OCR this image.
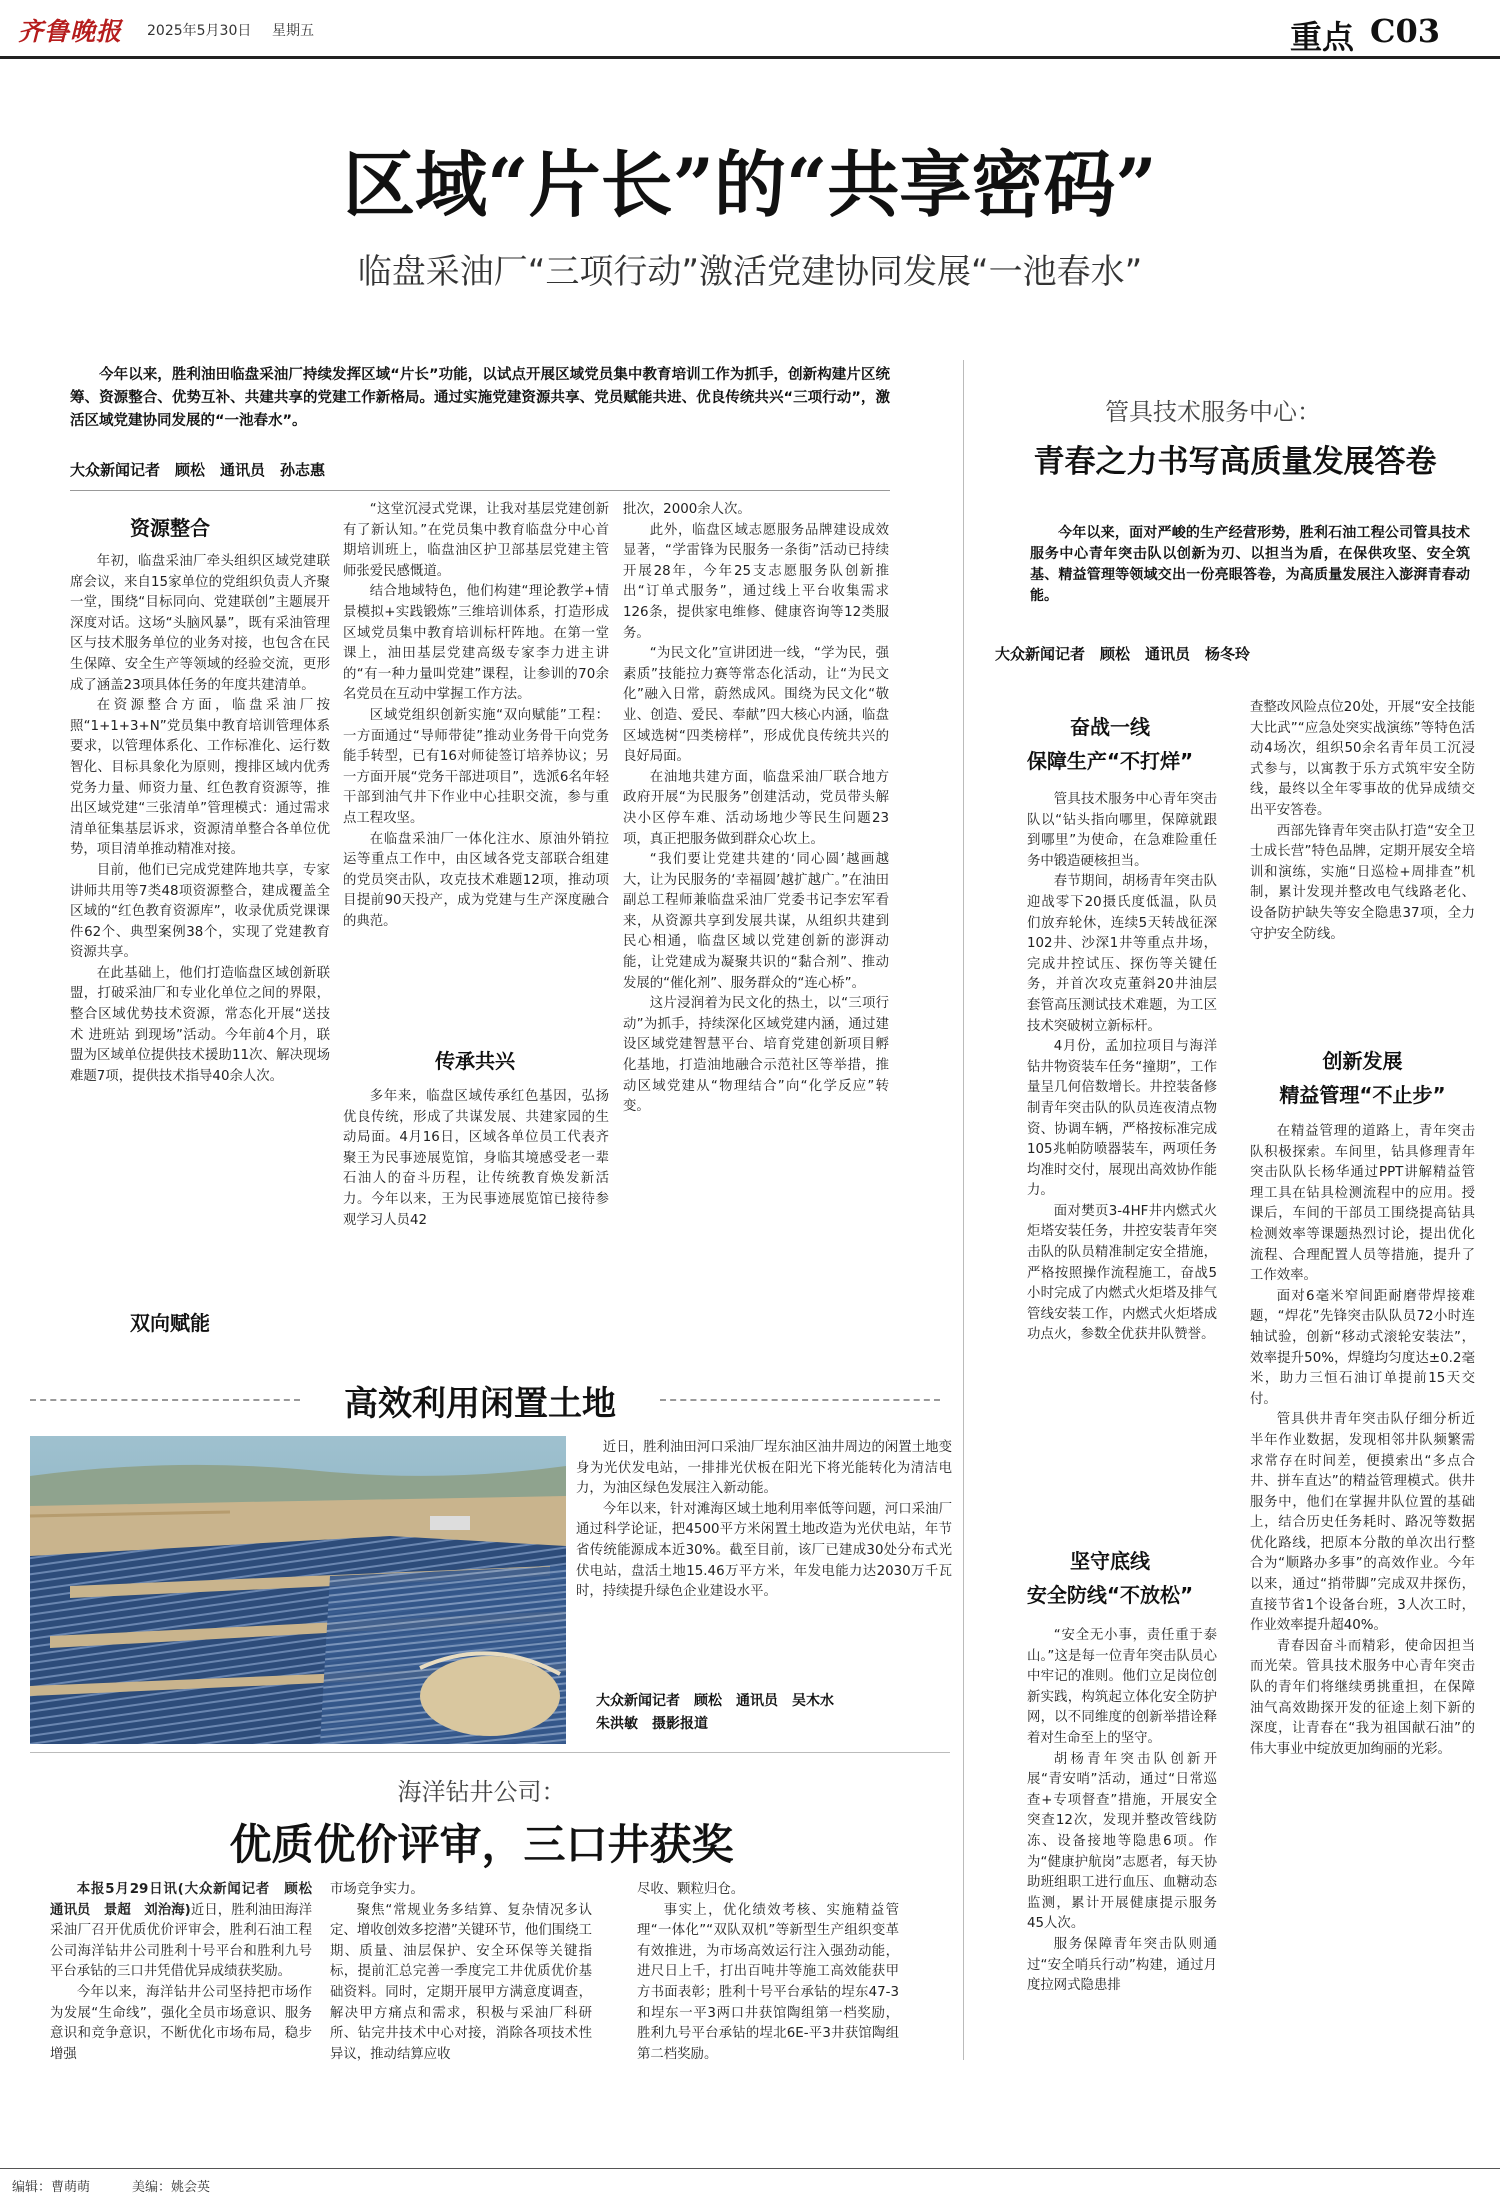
齐鲁晚报 2025年5月30日 星期五	重点 C03
区域“片长”的“共享密码”
临盘采油厂“三项行动”激活党建协同发展“一池春水”
今年以来，胜利油田临盘采油厂持续发挥区域“片长”功能，以试点开展区域党员集中教育培训工作为抓手，创新构建片区统筹、资源整合、优势互补、共建共享的党建工作新格局。通过实施党建资源共享、党员赋能共进、优良传统共兴“三项行动”，激活区域党建协同发展的“一池春水”。
大众新闻记者　顾松　通讯员　孙志惠
资源整合
双向赋能
传承共兴

年初，临盘采油厂牵头组织区域党建联席会议，来自15家单位的党组织负责人齐聚一堂，围绕“目标同向、党建联创”主题展开深度对话。这场“头脑风暴”，既有采油管理区与技术服务单位的业务对接，也包含在民生保障、安全生产等领域的经验交流，更形成了涵盖23项具体任务的年度共建清单。

在资源整合方面，临盘采油厂按照“1+1+3+N”党员集中教育培训管理体系要求，以管理体系化、工作标准化、运行数智化、目标具象化为原则，搜排区域内优秀党务力量、师资力量、红色教育资源等，推出区域党建“三张清单”管理模式：通过需求清单征集基层诉求，资源清单整合各单位优势，项目清单推动精准对接。

目前，他们已完成党建阵地共享，专家讲师共用等7类48项资源整合，建成覆盖全区域的“红色教育资源库”，收录优质党课课件62个、典型案例38个，实现了党建教育资源共享。

在此基础上，他们打造临盘区域创新联盟，打破采油厂和专业化单位之间的界限，整合区域优势技术资源，常态化开展“送技术 进班站 到现场”活动。今年前4个月，联盟为区域单位提供技术援助11次、解决现场难题7项，提供技术指导40余人次。

“这堂沉浸式党课，让我对基层党建创新有了新认知。”在党员集中教育临盘分中心首期培训班上，临盘油区护卫部基层党建主管师张爱民感慨道。

结合地域特色，他们构建“理论教学+情景模拟+实践锻炼”三维培训体系，打造形成区域党员集中教育培训标杆阵地。在第一堂课上，油田基层党建高级专家李力进主讲的“有一种力量叫党建”课程，让参训的70余名党员在互动中掌握工作方法。

区域党组织创新实施“双向赋能”工程：一方面通过“导师带徒”推动业务骨干向党务能手转型，已有16对师徒签订培养协议；另一方面开展“党务干部进项目”，选派6名年轻干部到油气井下作业中心挂职交流，参与重点工程攻坚。

在临盘采油厂一体化注水、原油外销拉运等重点工作中，由区域各党支部联合组建的党员突击队，攻克技术难题12项，推动项目提前90天投产，成为党建与生产深度融合的典范。

多年来，临盘区域传承红色基因，弘扬优良传统，形成了共谋发展、共建家园的生动局面。4月16日，区域各单位员工代表齐聚王为民事迹展览馆，身临其境感受老一辈石油人的奋斗历程，让传统教育焕发新活力。今年以来，王为民事迹展览馆已接待参观学习人员42

批次，2000余人次。

此外，临盘区域志愿服务品牌建设成效显著，“学雷锋为民服务一条街”活动已持续开展28年，今年25支志愿服务队创新推出“订单式服务”，通过线上平台收集需求126条，提供家电维修、健康咨询等12类服务。

“为民文化”宣讲团进一线，“学为民，强素质”技能拉力赛等常态化活动，让“为民文化”融入日常，蔚然成风。围绕为民文化“敬业、创造、爱民、奉献”四大核心内涵，临盘区域选树“四类榜样”，形成优良传统共兴的良好局面。

在油地共建方面，临盘采油厂联合地方政府开展“为民服务”创建活动，党员带头解决小区停车难、活动场地少等民生问题23项，真正把服务做到群众心坎上。

“我们要让党建共建的‘同心圆’越画越大，让为民服务的‘幸福圆’越扩越广。”在油田副总工程师兼临盘采油厂党委书记李宏军看来，从资源共享到发展共谋，从组织共建到民心相通，临盘区域以党建创新的澎湃动能，让党建成为凝聚共识的“黏合剂”、推动发展的“催化剂”、服务群众的“连心桥”。

这片浸润着为民文化的热土，以“三项行动”为抓手，持续深化区域党建内涵，通过建设区域党建智慧平台、培育党建创新项目孵化基地，打造油地融合示范社区等举措，推动区域党建从“物理结合”向“化学反应”转变。

高效利用闲置土地

近日，胜利油田河口采油厂埕东油区油井周边的闲置土地变身为光伏发电站，一排排光伏板在阳光下将光能转化为清洁电力，为油区绿色发展注入新动能。

今年以来，针对滩海区域土地利用率低等问题，河口采油厂通过科学论证，把4500平方米闲置土地改造为光伏电站，年节省传统能源成本近30%。截至目前，该厂已建成30处分布式光伏电站，盘活土地15.46万平方米，年发电能力达2030万千瓦时，持续提升绿色企业建设水平。

大众新闻记者　顾松　通讯员　吴木水
朱洪敏　摄影报道
海洋钻井公司：
优质优价评审，三口井获奖

本报5月29日讯(大众新闻记者　顾松　通讯员　景超　刘治海)近日，胜利油田海洋采油厂召开优质优价评审会，胜利石油工程公司海洋钻井公司胜利十号平台和胜利九号平台承钻的三口井凭借优异成绩获奖励。

今年以来，海洋钻井公司坚持把市场作为发展“生命线”，强化全员市场意识、服务意识和竞争意识，不断优化市场布局，稳步增强

市场竞争实力。

聚焦“常规业务多结算、复杂情况多认定、增收创效多挖潜”关键环节，他们围绕工期、质量、油层保护、安全环保等关键指标，提前汇总完善一季度完工井优质优价基础资料。同时，定期开展甲方满意度调查，解决甲方痛点和需求，积极与采油厂科研所、钻完井技术中心对接，消除各项技术性异议，推动结算应收

尽收、颗粒归仓。

事实上，优化绩效考核、实施精益管理“一体化”“双队双机”等新型生产组织变革有效推进，为市场高效运行注入强劲动能，进尺日上千，打出百吨井等施工高效能获甲方书面表彰；胜利十号平台承钻的埕东47-3和埕东一平3两口井获馆陶组第一档奖励，胜利九号平台承钻的埕北6E-平3井获馆陶组第二档奖励。

管具技术服务中心：
青春之力书写高质量发展答卷
今年以来，面对严峻的生产经营形势，胜利石油工程公司管具技术服务中心青年突击队以创新为刃、以担当为盾，在保供攻坚、安全筑基、精益管理等领域交出一份亮眼答卷，为高质量发展注入澎湃青春动能。
大众新闻记者　顾松　通讯员　杨冬玲
奋战一线
保障生产“不打烊”

管具技术服务中心青年突击队以“钻头指向哪里，保障就跟到哪里”为使命，在急难险重任务中锻造硬核担当。

春节期间，胡杨青年突击队迎战零下20摄氏度低温，队员们放弃轮休，连续5天转战征深102井、沙深1井等重点井场，完成井控试压、探伤等关键任务，并首次攻克董斜20井油层套管高压测试技术难题，为工区技术突破树立新标杆。

4月份，孟加拉项目与海洋钻井物资装车任务“撞期”，工作量呈几何倍数增长。井控装备修制青年突击队的队员连夜清点物资、协调车辆，严格按标准完成105兆帕防喷器装车，两项任务均准时交付，展现出高效协作能力。

面对樊页3-4HF井内燃式火炬塔安装任务，井控安装青年突击队的队员精准制定安全措施，严格按照操作流程施工，奋战5小时完成了内燃式火炬塔及排气管线安装工作，内燃式火炬塔成功点火，参数全优获井队赞誉。

坚守底线
安全防线“不放松”

“安全无小事，责任重于泰山。”这是每一位青年突击队员心中牢记的准则。他们立足岗位创新实践，构筑起立体化安全防护网，以不同维度的创新举措诠释着对生命至上的坚守。

胡杨青年突击队创新开展“青安哨”活动，通过“日常巡查+专项督查”措施，开展安全突查12次，发现并整改管线防冻、设备接地等隐患6项。作为“健康护航岗”志愿者，每天协助班组职工进行血压、血糖动态监测，累计开展健康提示服务45人次。

服务保障青年突击队则通过“安全哨兵行动”构建，通过月度拉网式隐患排

查整改风险点位20处，开展“安全技能大比武”“应急处突实战演练”等特色活动4场次，组织50余名青年员工沉浸式参与，以寓教于乐方式筑牢安全防线，最终以全年零事故的优异成绩交出平安答卷。

西部先锋青年突击队打造“安全卫士成长营”特色品牌，定期开展安全培训和演练，实施“日巡检+周排查”机制，累计发现并整改电气线路老化、设备防护缺失等安全隐患37项，全力守护安全防线。

创新发展
精益管理“不止步”

在精益管理的道路上，青年突击队积极探索。车间里，钻具修理青年突击队队长杨华通过PPT讲解精益管理工具在钻具检测流程中的应用。授课后，车间的干部员工围绕提高钻具检测效率等课题热烈讨论，提出优化流程、合理配置人员等措施，提升了工作效率。

面对6毫米窄间距耐磨带焊接难题，“焊花”先锋突击队队员72小时连轴试验，创新“移动式滚轮安装法”，效率提升50%，焊缝均匀度达±0.2毫米，助力三恒石油订单提前15天交付。

管具供井青年突击队仔细分析近半年作业数据，发现相邻井队频繁需求常存在时间差，便摸索出“多点合井、拼车直达”的精益管理模式。供井服务中，他们在掌握井队位置的基础上，结合历史任务耗时、路况等数据优化路线，把原本分散的单次出行整合为“顺路办多事”的高效作业。今年以来，通过“捎带脚”完成双井探伤，直接节省1个设备台班，3人次工时，作业效率提升超40%。

青春因奋斗而精彩，使命因担当而光荣。管具技术服务中心青年突击队的青年们将继续勇挑重担，在保障油气高效勘探开发的征途上刻下新的深度，让青春在“我为祖国献石油”的伟大事业中绽放更加绚丽的光彩。

编辑：曹萌萌	美编：姚会英
